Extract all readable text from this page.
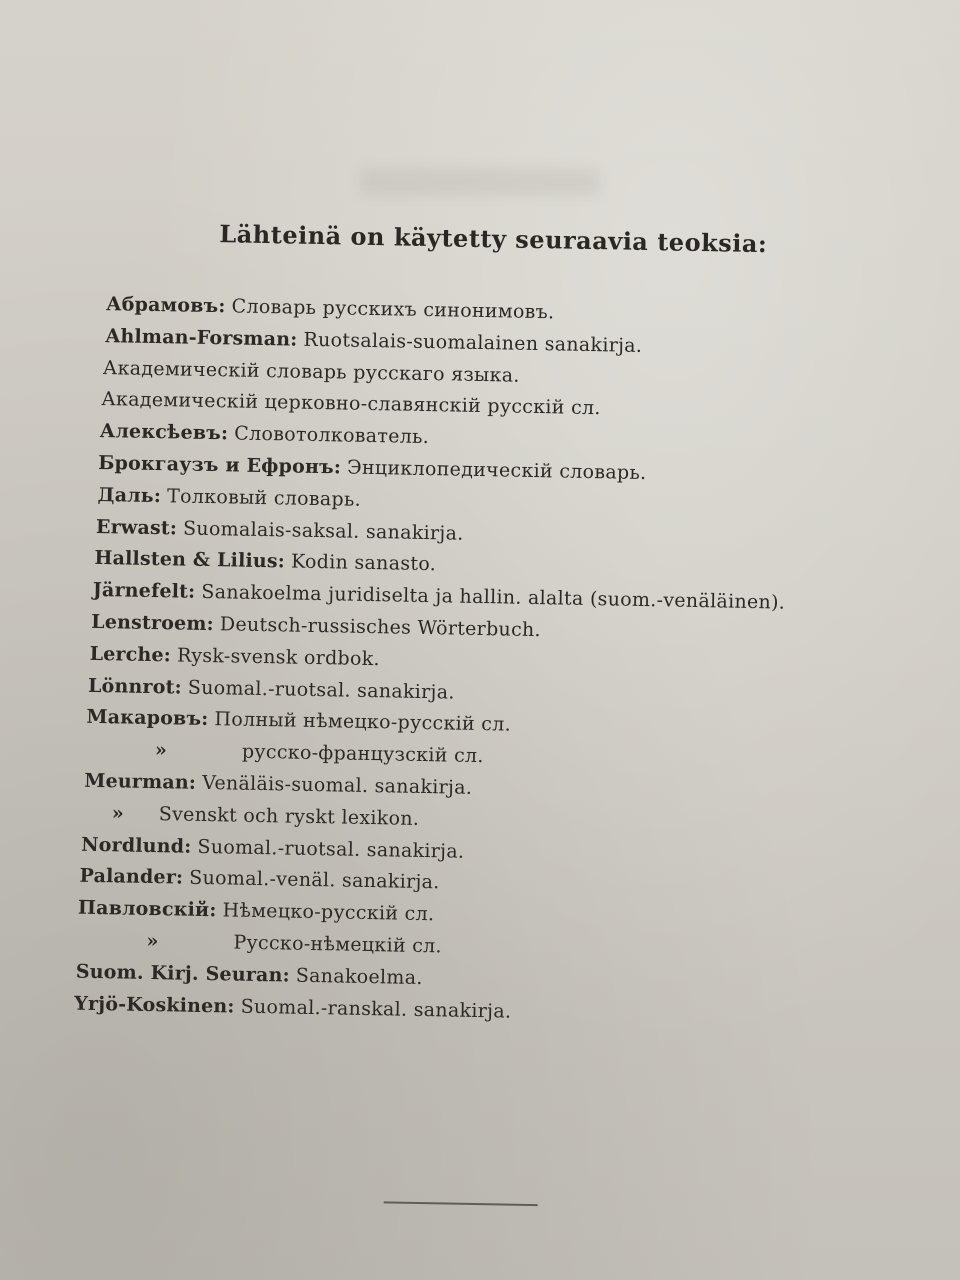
Lähteinä on käytetty seuraavia teoksia:
Абрамовъ: Словарь русскихъ синонимовъ.
Ahlman-Forsman: Ruotsalais-suomalainen sanakirja.
Академическій словарь русскаго языка.
Академическій церковно-славянскій русскій сл.
Алексѣевъ: Словотолкователь.
Брокгаузъ и Ефронъ: Энциклопедическій словарь.
Даль: Толковый словарь.
Erwast: Suomalais-saksal. sanakirja.
Hallsten & Lilius: Kodin sanasto.
Järnefelt: Sanakoelma juridiselta ja hallin. alalta (suom.-venäläinen).
Lenstroem: Deutsch-russisches Wörterbuch.
Lerche: Rysk-svensk ordbok.
Lönnrot: Suomal.-ruotsal. sanakirja.
Макаровъ: Полный нѣмецко-русскій сл.
»	русско-французскій сл.
Meurman: Venäläis-suomal. sanakirja.
» Svenskt och ryskt lexikon.
Nordlund: Suomal.-ruotsal. sanakirja.
Palander: Suomal.-venäl. sanakirja.
Павловскій: Нѣмецко-русскій сл.
»	Русско-нѣмецкій сл.
Suom. Kirj. Seuran: Sanakoelma.
Yrjö-Koskinen: Suomal.-ranskal. sanakirja.
